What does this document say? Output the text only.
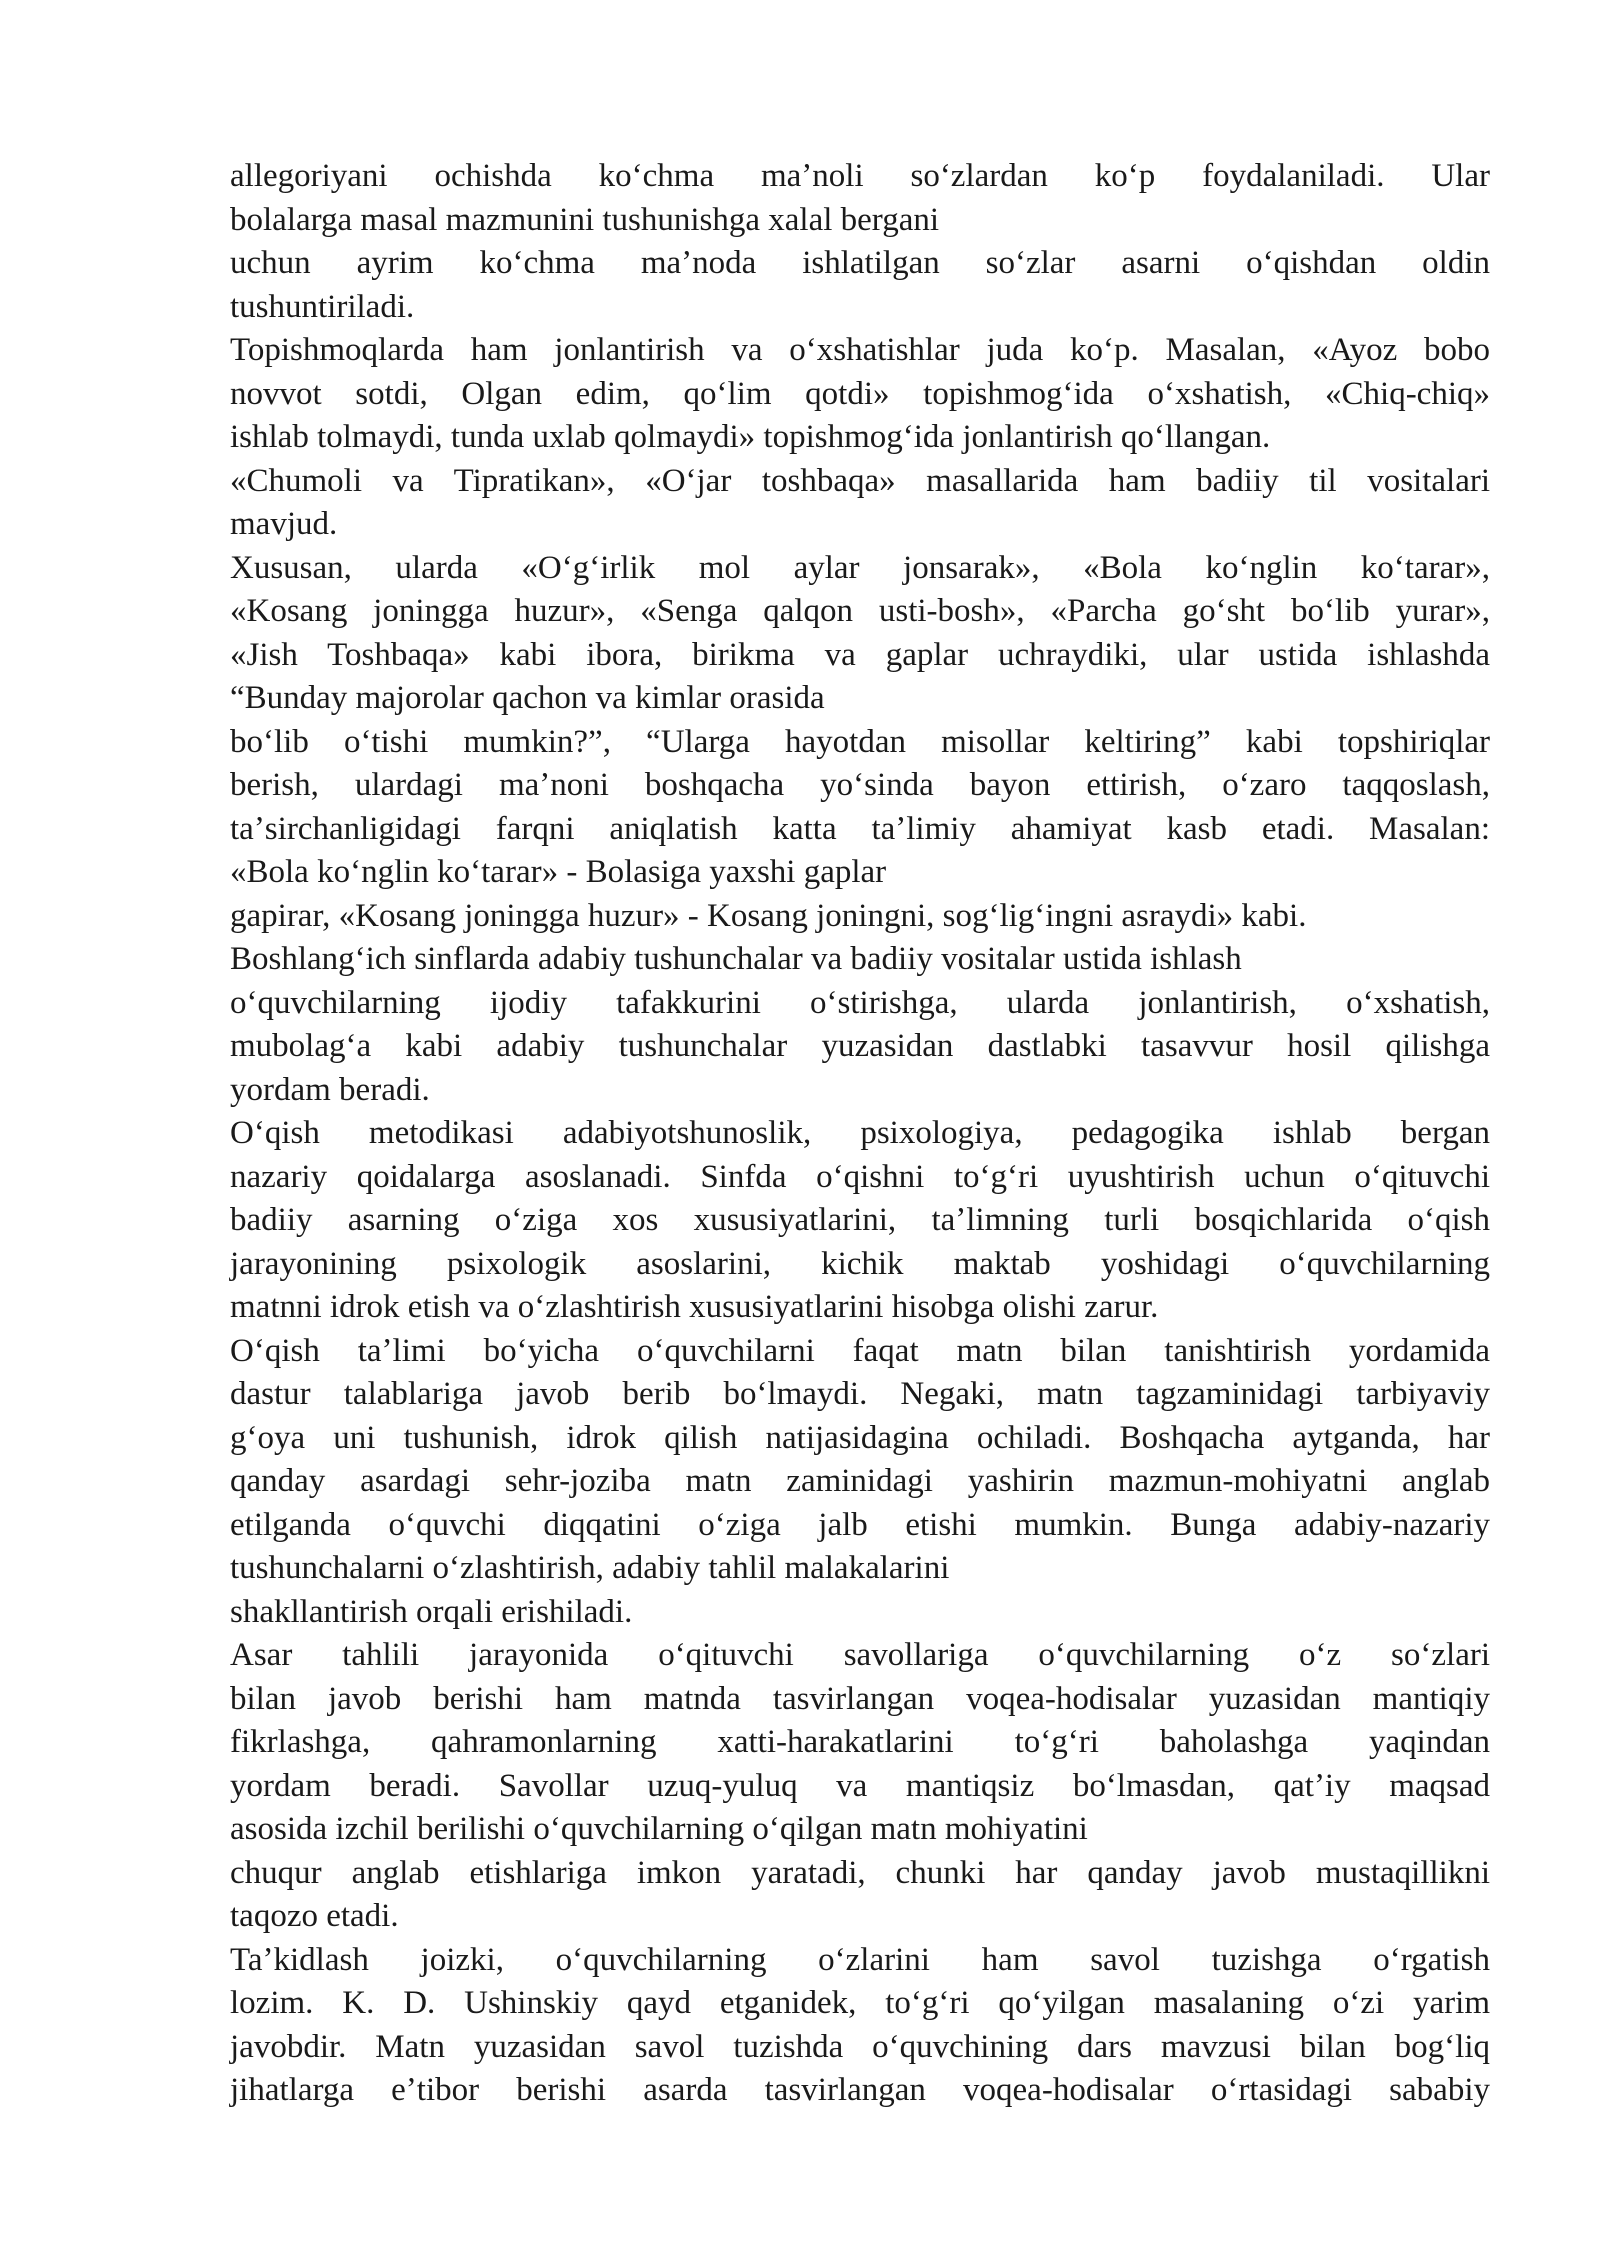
allegoriyani ochishda koʻchma maʼnoli soʻzlardan koʻp foydalaniladi. Ular
bolalarga masal mazmunini tushunishga xalal bergani
uchun ayrim koʻchma maʼnoda ishlatilgan soʻzlar asarni oʻqishdan oldin
tushuntiriladi.
Topishmoqlarda ham jonlantirish va oʻxshatishlar juda koʻp. Masalan, «Ayoz bobo
novvot sotdi, Olgan edim, qoʻlim qotdi» topishmogʻida oʻxshatish, «Chiq-chiq»
ishlab tolmaydi, tunda uxlab qolmaydi» topishmogʻida jonlantirish qoʻllangan.
«Chumoli va Tipratikan», «Oʻjar toshbaqa» masallarida ham badiiy til vositalari
mavjud.
Xususan, ularda «Oʻgʻirlik mol aylar jonsarak», «Bola koʻnglin koʻtarar»,
«Kosang joningga huzur», «Senga qalqon usti-bosh», «Parcha goʻsht boʻlib yurar»,
«Jish Toshbaqa» kabi ibora, birikma va gaplar uchraydiki, ular ustida ishlashda
“Bunday majorolar qachon va kimlar orasida
boʻlib oʻtishi mumkin?”, “Ularga hayotdan misollar keltiring” kabi topshiriqlar
berish, ulardagi maʼnoni boshqacha yoʻsinda bayon ettirish, oʻzaro taqqoslash,
taʼsirchanligidagi farqni aniqlatish katta taʼlimiy ahamiyat kasb etadi. Masalan:
«Bola koʻnglin koʻtarar» - Bolasiga yaxshi gaplar
gapirar, «Kosang joningga huzur» - Kosang joningni, sogʻligʻingni asraydi» kabi.
Boshlangʻich sinflarda adabiy tushunchalar va badiiy vositalar ustida ishlash
oʻquvchilarning ijodiy tafakkurini oʻstirishga, ularda jonlantirish, oʻxshatish,
mubolagʻa kabi adabiy tushunchalar yuzasidan dastlabki tasavvur hosil qilishga
yordam beradi.
Oʻqish metodikasi adabiyotshunoslik, psixologiya, pedagogika ishlab bergan
nazariy qoidalarga asoslanadi. Sinfda oʻqishni toʻgʻri uyushtirish uchun oʻqituvchi
badiiy asarning oʻziga xos xususiyatlarini, taʼlimning turli bosqichlarida oʻqish
jarayonining psixologik asoslarini, kichik maktab yoshidagi oʻquvchilarning
matnni idrok etish va oʻzlashtirish xususiyatlarini hisobga olishi zarur.
Oʻqish taʼlimi boʻyicha oʻquvchilarni faqat matn bilan tanishtirish yordamida
dastur talablariga javob berib boʻlmaydi. Negaki, matn tagzaminidagi tarbiyaviy
gʻoya uni tushunish, idrok qilish natijasidagina ochiladi. Boshqacha aytganda, har
qanday asardagi sehr-joziba matn zaminidagi yashirin mazmun-mohiyatni anglab
etilganda oʻquvchi diqqatini oʻziga jalb etishi mumkin. Bunga adabiy-nazariy
tushunchalarni oʻzlashtirish, adabiy tahlil malakalarini
shakllantirish orqali erishiladi.
Asar tahlili jarayonida oʻqituvchi savollariga oʻquvchilarning oʻz soʻzlari
bilan javob berishi ham matnda tasvirlangan voqea-hodisalar yuzasidan mantiqiy
fikrlashga, qahramonlarning xatti-harakatlarini toʻgʻri baholashga yaqindan
yordam beradi. Savollar uzuq-yuluq va mantiqsiz boʻlmasdan, qatʼiy maqsad
asosida izchil berilishi oʻquvchilarning oʻqilgan matn mohiyatini
chuqur anglab etishlariga imkon yaratadi, chunki har qanday javob mustaqillikni
taqozo etadi.
Taʼkidlash joizki, oʻquvchilarning oʻzlarini ham savol tuzishga oʻrgatish
lozim. K. D. Ushinskiy qayd etganidek, toʻgʻri qoʻyilgan masalaning oʻzi yarim
javobdir. Matn yuzasidan savol tuzishda oʻquvchining dars mavzusi bilan bogʻliq
jihatlarga eʼtibor berishi asarda tasvirlangan voqea-hodisalar oʻrtasidagi sababiy
